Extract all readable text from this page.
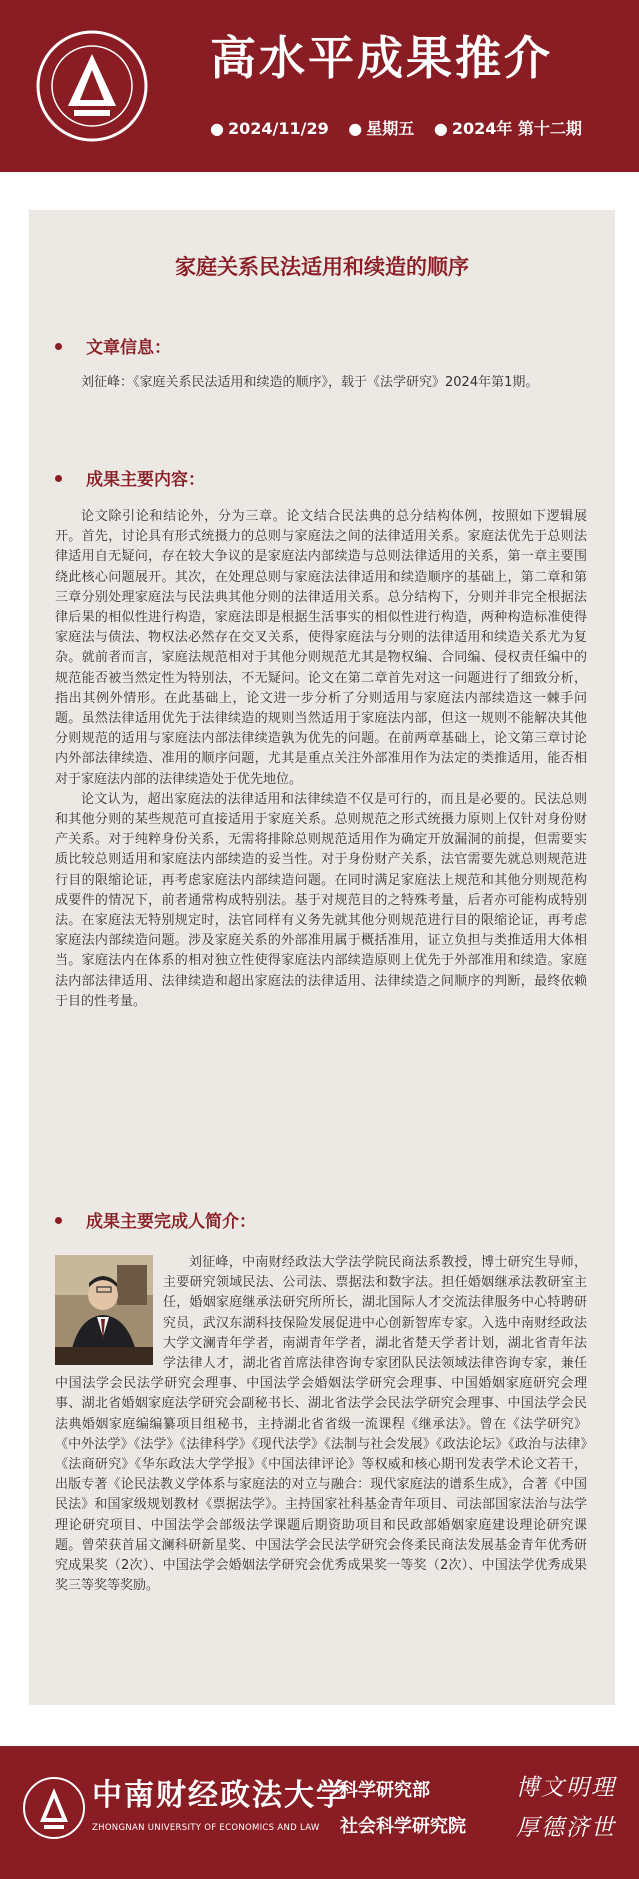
高水平成果推介
● 2024/11/29 ● 星期五 ● 2024年 第十二期
家庭关系民法适用和续造的顺序
文章信息：

刘征峰：《家庭关系民法适用和续造的顺序》，载于《法学研究》2024年第1期。

成果主要内容：

论文除引论和结论外，分为三章。论文结合民法典的总分结构体例，按照如下逻辑展开。首先，讨论具有形式统摄力的总则与家庭法之间的法律适用关系。家庭法优先于总则法律适用自无疑问，存在较大争议的是家庭法内部续造与总则法律适用的关系，第一章主要围绕此核心问题展开。其次，在处理总则与家庭法法律适用和续造顺序的基础上，第二章和第三章分别处理家庭法与民法典其他分则的法律适用关系。总分结构下，分则并非完全根据法律后果的相似性进行构造，家庭法即是根据生活事实的相似性进行构造，两种构造标准使得家庭法与债法、物权法必然存在交叉关系，使得家庭法与分则的法律适用和续造关系尤为复杂。就前者而言，家庭法规范相对于其他分则规范尤其是物权编、合同编、侵权责任编中的规范能否被当然定性为特别法，不无疑问。论文在第二章首先对这一问题进行了细致分析，指出其例外情形。在此基础上，论文进一步分析了分则适用与家庭法内部续造这一棘手问题。虽然法律适用优先于法律续造的规则当然适用于家庭法内部，但这一规则不能解决其他分则规范的适用与家庭法内部法律续造孰为优先的问题。在前两章基础上，论文第三章讨论内外部法律续造、准用的顺序问题，尤其是重点关注外部准用作为法定的类推适用，能否相对于家庭法内部的法律续造处于优先地位。

论文认为，超出家庭法的法律适用和法律续造不仅是可行的，而且是必要的。民法总则和其他分则的某些规范可直接适用于家庭关系。总则规范之形式统摄力原则上仅针对身份财产关系。对于纯粹身份关系，无需将排除总则规范适用作为确定开放漏洞的前提，但需要实质比较总则适用和家庭法内部续造的妥当性。对于身份财产关系，法官需要先就总则规范进行目的限缩论证，再考虑家庭法内部续造问题。在同时满足家庭法上规范和其他分则规范构成要件的情况下，前者通常构成特别法。基于对规范目的之特殊考量，后者亦可能构成特别法。在家庭法无特别规定时，法官同样有义务先就其他分则规范进行目的限缩论证，再考虑家庭法内部续造问题。涉及家庭关系的外部准用属于概括准用，证立负担与类推适用大体相当。家庭法内在体系的相对独立性使得家庭法内部续造原则上优先于外部准用和续造。家庭法内部法律适用、法律续造和超出家庭法的法律适用、法律续造之间顺序的判断，最终依赖于目的性考量。

成果主要完成人简介：

刘征峰，中南财经政法大学法学院民商法系教授，博士研究生导师，主要研究领域民法、公司法、票据法和数字法。担任婚姻继承法教研室主任，婚姻家庭继承法研究所所长，湖北国际人才交流法律服务中心特聘研究员，武汉东湖科技保险发展促进中心创新智库专家。入选中南财经政法大学文澜青年学者，南湖青年学者，湖北省楚天学者计划，湖北省青年法学法律人才，湖北省首席法律咨询专家团队民法领域法律咨询专家，兼任中国法学会民法学研究会理事、中国法学会婚姻法学研究会理事、中国婚姻家庭研究会理事、湖北省婚姻家庭法学研究会副秘书长、湖北省法学会民法学研究会理事、中国法学会民法典婚姻家庭编编纂项目组秘书，主持湖北省省级一流课程《继承法》。曾在《法学研究》《中外法学》《法学》《法律科学》《现代法学》《法制与社会发展》《政法论坛》《政治与法律》《法商研究》《华东政法大学学报》《中国法律评论》等权威和核心期刊发表学术论文若干，出版专著《论民法教义学体系与家庭法的对立与融合：现代家庭法的谱系生成》，合著《中国民法》和国家级规划教材《票据法学》。主持国家社科基金青年项目、司法部国家法治与法学理论研究项目、中国法学会部级法学课题后期资助项目和民政部婚姻家庭建设理论研究课题。曾荣获首届文澜科研新星奖、中国法学会民法学研究会佟柔民商法发展基金青年优秀研究成果奖（2次）、中国法学会婚姻法学研究会优秀成果奖一等奖（2次）、中国法学优秀成果奖三等奖等奖励。

中南财经政法大学
ZHONGNAN UNIVERSITY OF ECONOMICS AND LAW
科学研究部
社会科学研究院
博文明理
厚德济世
